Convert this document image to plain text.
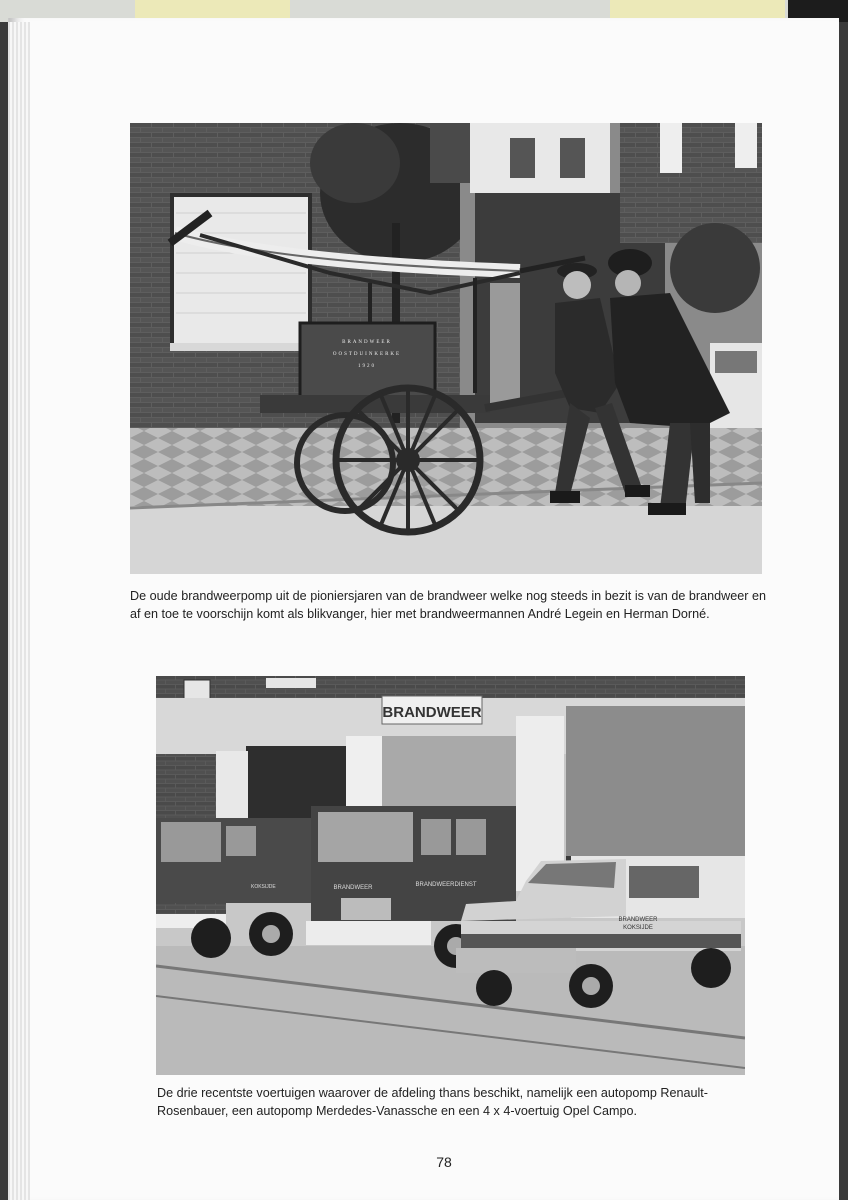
BRANDWEER
OOSTDUINKERKE
1920

De oude brandweerpomp uit de pioniersjaren van de brandweer welke nog steeds in bezit is van de brandweer en af en toe te voorschijn komt als blikvanger, hier met brandweermannen André Legein en Herman Dorné.

BRANDWEER
KOKSIJDE	BRANDWEER	BRANDWEERDIENST
BRANDWEER
KOKSIJDE

De drie recentste voertuigen waarover de afdeling thans beschikt, namelijk een autopomp Renault-Rosenbauer, een autopomp Merdedes-Vanassche en een 4 x 4-voertuig Opel Campo.

78
